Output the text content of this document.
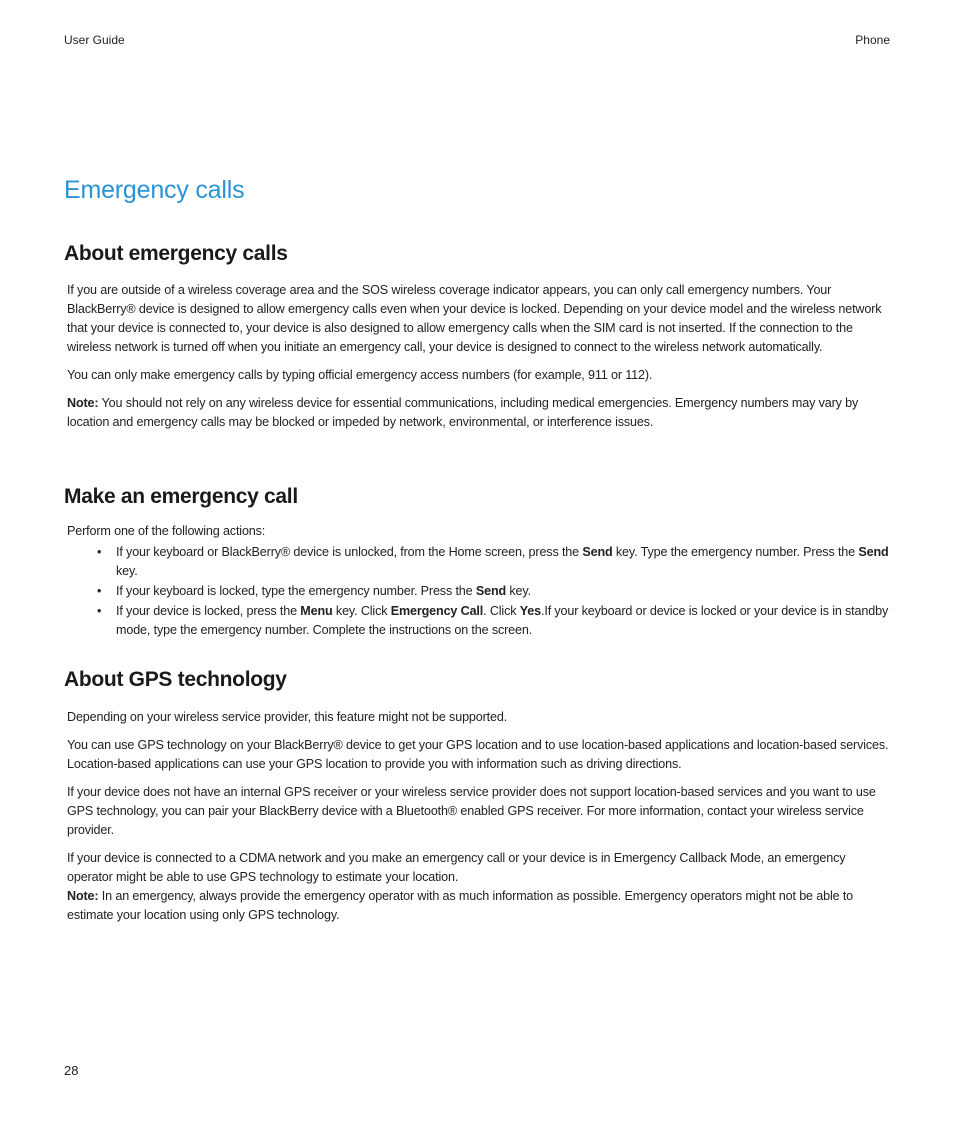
User Guide	Phone
Emergency calls
About emergency calls

If you are outside of a wireless coverage area and the SOS wireless coverage indicator appears, you can only call emergency numbers. Your BlackBerry® device is designed to allow emergency calls even when your device is locked. Depending on your device model and the wireless network that your device is connected to, your device is also designed to allow emergency calls when the SIM card is not inserted. If the connection to the wireless network is turned off when you initiate an emergency call, your device is designed to connect to the wireless network automatically.

You can only make emergency calls by typing official emergency access numbers (for example, 911 or 112).

Note: You should not rely on any wireless device for essential communications, including medical emergencies. Emergency numbers may vary by location and emergency calls may be blocked or impeded by network, environmental, or interference issues.

Make an emergency call
Perform one of the following actions:
• If your keyboard or BlackBerry® device is unlocked, from the Home screen, press the Send key. Type the emergency number. Press the Send key.
• If your keyboard is locked, type the emergency number. Press the Send key.
• If your device is locked, press the Menu key. Click Emergency Call. Click Yes.If your keyboard or device is locked or your device is in standby mode, type the emergency number. Complete the instructions on the screen.
About GPS technology

Depending on your wireless service provider, this feature might not be supported.

You can use GPS technology on your BlackBerry® device to get your GPS location and to use location-based applications and location-based services. Location-based applications can use your GPS location to provide you with information such as driving directions.

If your device does not have an internal GPS receiver or your wireless service provider does not support location-based services and you want to use GPS technology, you can pair your BlackBerry device with a Bluetooth® enabled GPS receiver. For more information, contact your wireless service provider.

If your device is connected to a CDMA network and you make an emergency call or your device is in Emergency Callback Mode, an emergency operator might be able to use GPS technology to estimate your location.

Note: In an emergency, always provide the emergency operator with as much information as possible. Emergency operators might not be able to estimate your location using only GPS technology.

28
